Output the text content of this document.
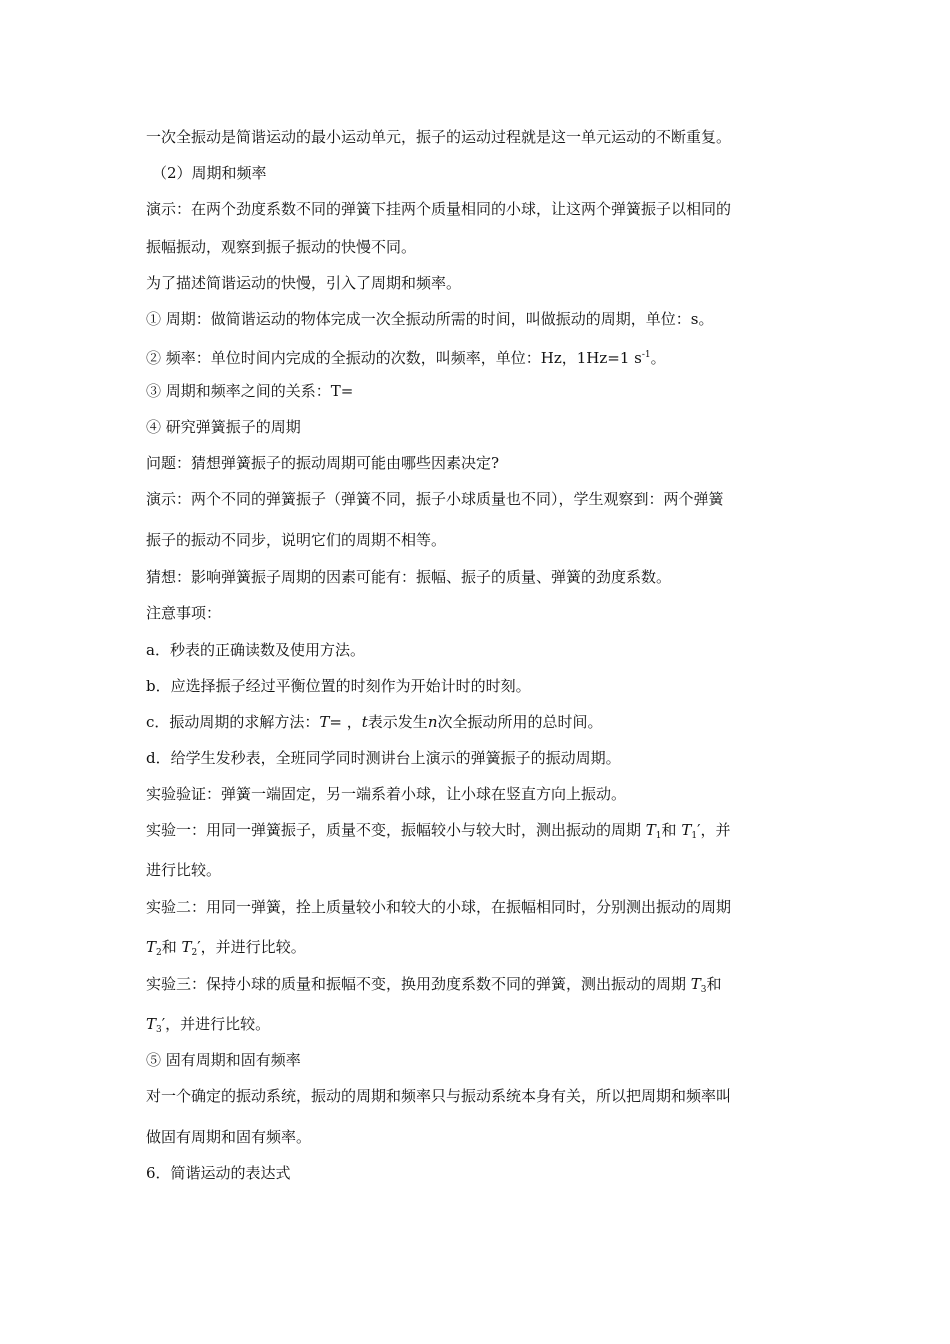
一次全振动是简谐运动的最小运动单元，振子的运动过程就是这一单元运动的不断重复。
（2）周期和频率
演示：在两个劲度系数不同的弹簧下挂两个质量相同的小球，让这两个弹簧振子以相同的
振幅振动，观察到振子振动的快慢不同。
为了描述简谐运动的快慢，引入了周期和频率。
① 周期：做简谐运动的物体完成一次全振动所需的时间，叫做振动的周期，单位：s。
② 频率：单位时间内完成的全振动的次数，叫频率，单位：Hz，1Hz=1 $s^{-1}$。
③ 周期和频率之间的关系：T=
④ 研究弹簧振子的周期
问题：猜想弹簧振子的振动周期可能由哪些因素决定?
演示：两个不同的弹簧振子（弹簧不同，振子小球质量也不同），学生观察到：两个弹簧
振子的振动不同步，说明它们的周期不相等。
猜想：影响弹簧振子周期的因素可能有：振幅、振子的质量、弹簧的劲度系数。
注意事项：
a．秒表的正确读数及使用方法。
b．应选择振子经过平衡位置的时刻作为开始计时的时刻。
c．振动周期的求解方法：T= ，t表示发生n次全振动所用的总时间。
d．给学生发秒表，全班同学同时测讲台上演示的弹簧振子的振动周期。
实验验证：弹簧一端固定，另一端系着小球，让小球在竖直方向上振动。
实验一：用同一弹簧振子，质量不变，振幅较小与较大时，测出振动的周期 $T_1$和 $T_1'$，并
进行比较。
实验二：用同一弹簧，拴上质量较小和较大的小球，在振幅相同时，分别测出振动的周期
$T_2$和 $T_2'$，并进行比较。
实验三：保持小球的质量和振幅不变，换用劲度系数不同的弹簧，测出振动的周期 $T_3$和
$T_3'$，并进行比较。
⑤ 固有周期和固有频率
对一个确定的振动系统，振动的周期和频率只与振动系统本身有关，所以把周期和频率叫
做固有周期和固有频率。
6．简谐运动的表达式
